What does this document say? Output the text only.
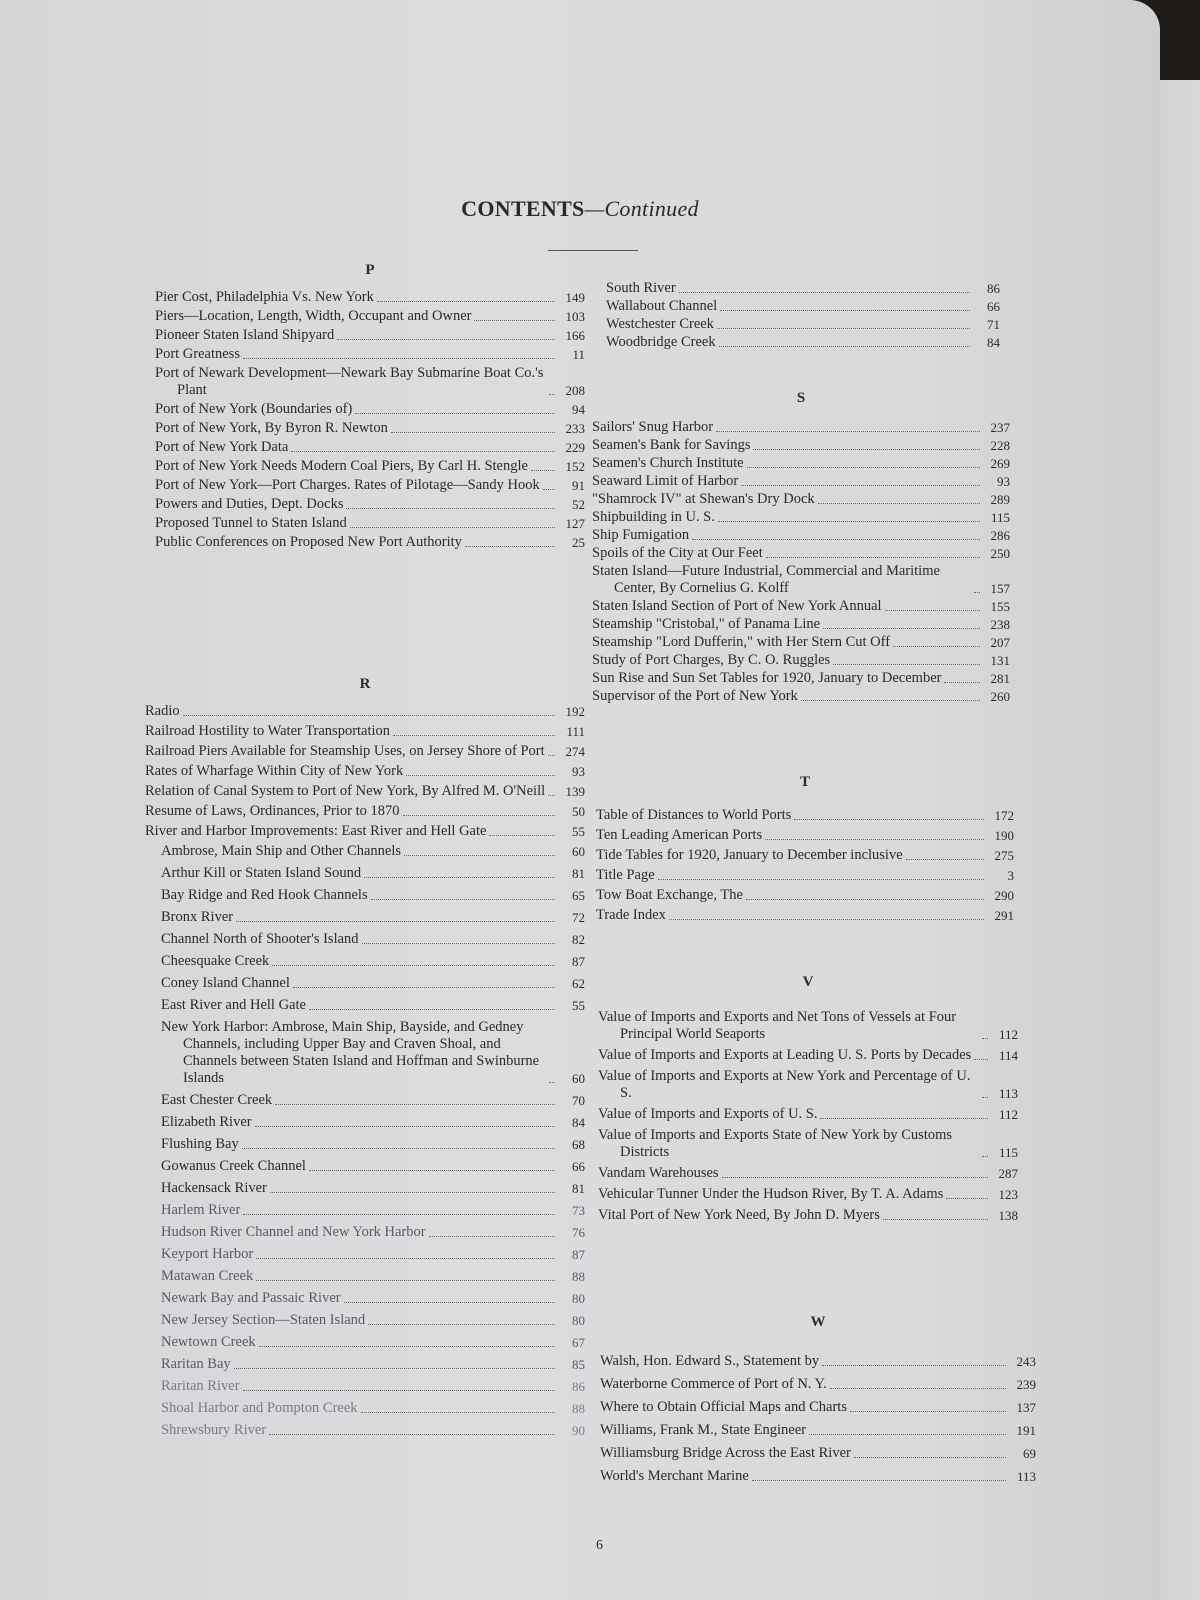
CONTENTS—Continued

P

Pier Cost, Philadelphia Vs. New York	149
Piers—Location, Length, Width, Occupant and Owner	103
Pioneer Staten Island Shipyard	166
Port Greatness	11
Port of Newark Development—Newark Bay Submarine Boat Co.'s Plant	208
Port of New York (Boundaries of)	94
Port of New York, By Byron R. Newton	233
Port of New York Data	229
Port of New York Needs Modern Coal Piers, By Carl H. Stengle	152
Port of New York—Port Charges. Rates of Pilotage—Sandy Hook	91
Powers and Duties, Dept. Docks	52
Proposed Tunnel to Staten Island	127
Public Conferences on Proposed New Port Authority	25

R

Radio	192
Railroad Hostility to Water Transportation	111
Railroad Piers Available for Steamship Uses, on Jersey Shore of Port	274
Rates of Wharfage Within City of New York	93
Relation of Canal System to Port of New York, By Alfred M. O'Neill	139
Resume of Laws, Ordinances, Prior to 1870	50
River and Harbor Improvements: East River and Hell Gate	55
Ambrose, Main Ship and Other Channels	60
Arthur Kill or Staten Island Sound	81
Bay Ridge and Red Hook Channels	65
Bronx River	72
Channel North of Shooter's Island	82
Cheesquake Creek	87
Coney Island Channel	62
East River and Hell Gate	55
New York Harbor: Ambrose, Main Ship, Bayside, and Gedney Channels, including Upper Bay and Craven Shoal, and Channels between Staten Island and Hoffman and Swinburne Islands	60
East Chester Creek	70
Elizabeth River	84
Flushing Bay	68
Gowanus Creek Channel	66
Hackensack River	81
Harlem River	73
Hudson River Channel and New York Harbor	76
Keyport Harbor	87
Matawan Creek	88
Newark Bay and Passaic River	80
New Jersey Section—Staten Island	80
Newtown Creek	67
Raritan Bay	85
Raritan River	86
Shoal Harbor and Pompton Creek	88
Shrewsbury River	90
South River	86
Wallabout Channel	66
Westchester Creek	71
Woodbridge Creek	84

S

Sailors' Snug Harbor	237
Seamen's Bank for Savings	228
Seamen's Church Institute	269
Seaward Limit of Harbor	93
"Shamrock IV" at Shewan's Dry Dock	289
Shipbuilding in U. S.	115
Ship Fumigation	286
Spoils of the City at Our Feet	250
Staten Island—Future Industrial, Commercial and Maritime Center, By Cornelius G. Kolff	157
Staten Island Section of Port of New York Annual	155
Steamship "Cristobal," of Panama Line	238
Steamship "Lord Dufferin," with Her Stern Cut Off	207
Study of Port Charges, By C. O. Ruggles	131
Sun Rise and Sun Set Tables for 1920, January to December	281
Supervisor of the Port of New York	260

T

Table of Distances to World Ports	172
Ten Leading American Ports	190
Tide Tables for 1920, January to December inclusive	275
Title Page	3
Tow Boat Exchange, The	290
Trade Index	291

V

Value of Imports and Exports and Net Tons of Vessels at Four Principal World Seaports	112
Value of Imports and Exports at Leading U. S. Ports by Decades	114
Value of Imports and Exports at New York and Percentage of U. S.	113
Value of Imports and Exports of U. S.	112
Value of Imports and Exports State of New York by Customs Districts	115
Vandam Warehouses	287
Vehicular Tunner Under the Hudson River, By T. A. Adams	123
Vital Port of New York Need, By John D. Myers	138

W

Walsh, Hon. Edward S., Statement by	243
Waterborne Commerce of Port of N. Y.	239
Where to Obtain Official Maps and Charts	137
Williams, Frank M., State Engineer	191
Williamsburg Bridge Across the East River	69
World's Merchant Marine	113
6
